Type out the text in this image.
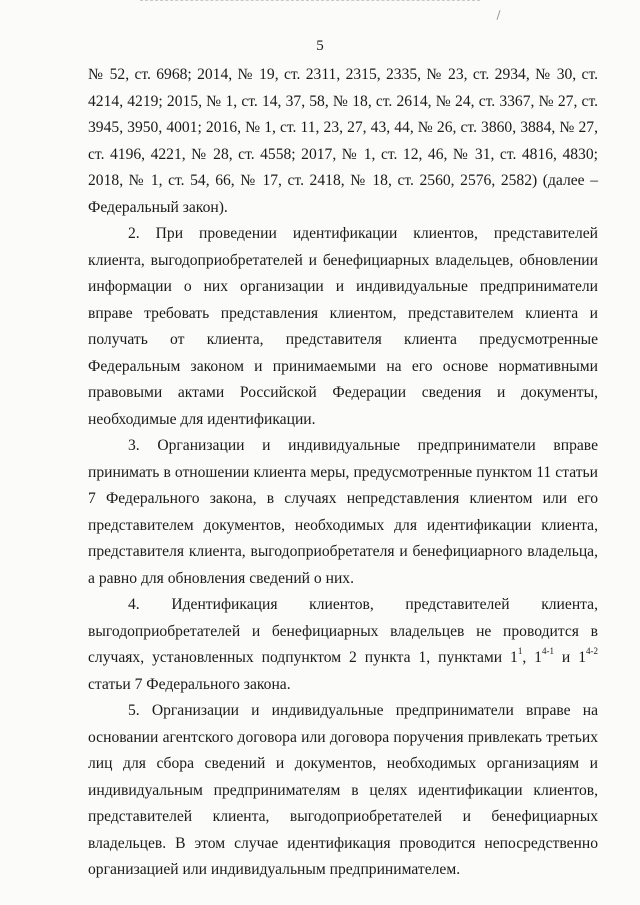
5

№ 52, ст. 6968; 2014, № 19, ст. 2311, 2315, 2335, № 23, ст. 2934, № 30, ст. 4214, 4219; 2015, № 1, ст. 14, 37, 58, № 18, ст. 2614, № 24, ст. 3367, № 27, ст. 3945, 3950, 4001; 2016, № 1, ст. 11, 23, 27, 43, 44, № 26, ст. 3860, 3884, № 27, ст. 4196, 4221, № 28, ст. 4558; 2017, № 1, ст. 12, 46, № 31, ст. 4816, 4830; 2018, № 1, ст. 54, 66, № 17, ст. 2418, № 18, ст. 2560, 2576, 2582) (далее – Федеральный закон).

2. При проведении идентификации клиентов, представителей клиента, выгодоприобретателей и бенефициарных владельцев, обновлении информации о них организации и индивидуальные предприниматели вправе требовать представления клиентом, представителем клиента и получать от клиента, представителя клиента предусмотренные Федеральным законом и принимаемыми на его основе нормативными правовыми актами Российской Федерации сведения и документы, необходимые для идентификации.

3. Организации и индивидуальные предприниматели вправе принимать в отношении клиента меры, предусмотренные пунктом 11 статьи 7 Федерального закона, в случаях непредставления клиентом или его представителем документов, необходимых для идентификации клиента, представителя клиента, выгодоприобретателя и бенефициарного владельца, а равно для обновления сведений о них.

4. Идентификация клиентов, представителей клиента, выгодоприобретателей и бенефициарных владельцев не проводится в случаях, установленных подпунктом 2 пункта 1, пунктами $1^1$, 1$^{4-1}$ и 1$^{4-2}$ статьи 7 Федерального закона.

5. Организации и индивидуальные предприниматели вправе на основании агентского договора или договора поручения привлекать третьих лиц для сбора сведений и документов, необходимых организациям и индивидуальным предпринимателям в целях идентификации клиентов, представителей клиента, выгодоприобретателей и бенефициарных владельцев. В этом случае идентификация проводится непосредственно организацией или индивидуальным предпринимателем.
